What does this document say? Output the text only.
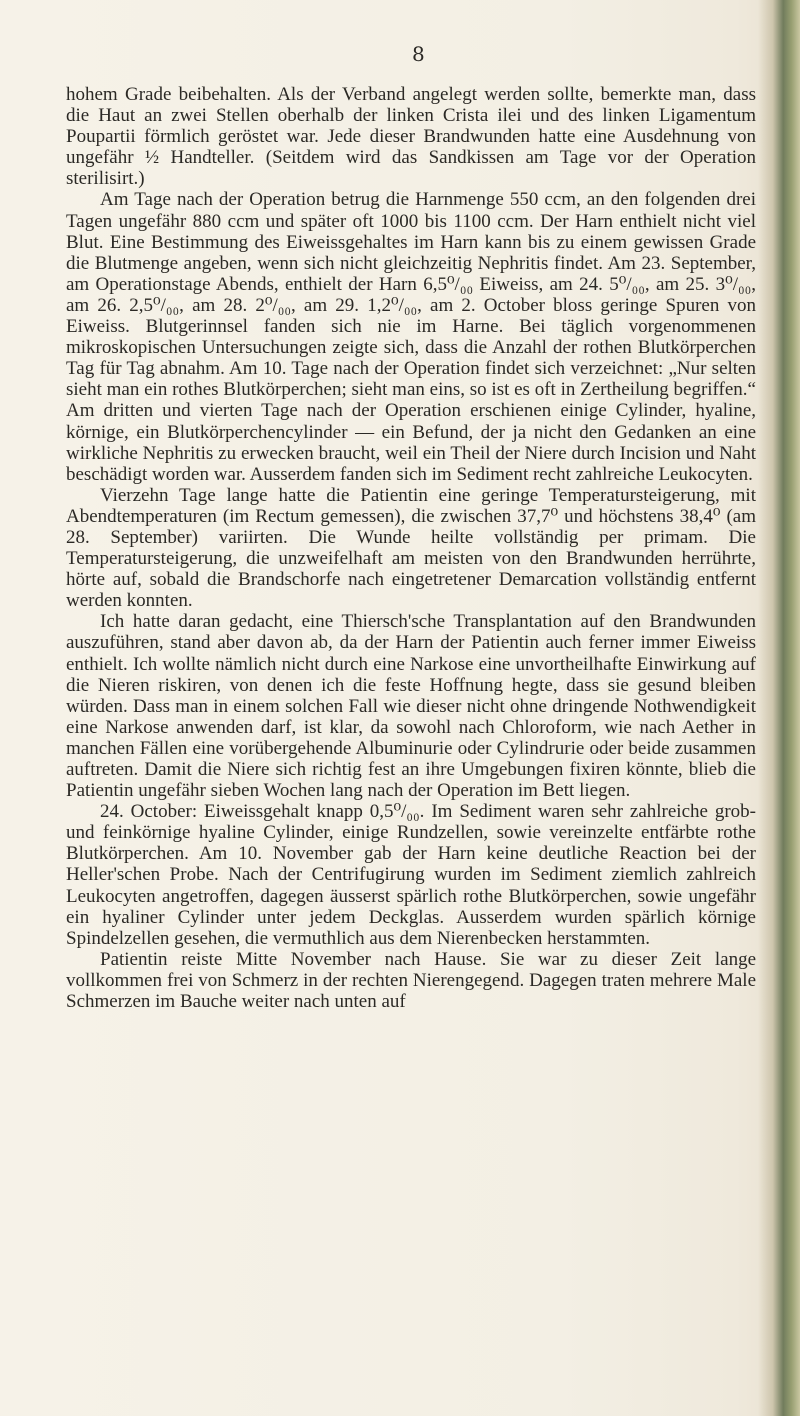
8

hohem Grade beibehalten. Als der Verband angelegt werden sollte, bemerkte man, dass die Haut an zwei Stellen oberhalb der linken Crista ilei und des linken Ligamentum Poupartii förmlich geröstet war. Jede dieser Brandwunden hatte eine Ausdehnung von ungefähr ½ Handteller. (Seitdem wird das Sandkissen am Tage vor der Operation sterilisirt.)

Am Tage nach der Operation betrug die Harnmenge 550 ccm, an den folgenden drei Tagen ungefähr 880 ccm und später oft 1000 bis 1100 ccm. Der Harn enthielt nicht viel Blut. Eine Bestimmung des Eiweissgehaltes im Harn kann bis zu einem gewissen Grade die Blutmenge angeben, wenn sich nicht gleichzeitig Nephritis findet. Am 23. September, am Operationstage Abends, enthielt der Harn 6,5⁰/₀₀ Eiweiss, am 24. 5⁰/₀₀, am 25. 3⁰/₀₀, am 26. 2,5⁰/₀₀, am 28. 2⁰/₀₀, am 29. 1,2⁰/₀₀, am 2. October bloss geringe Spuren von Eiweiss. Blutgerinnsel fanden sich nie im Harne. Bei täglich vorgenommenen mikroskopischen Untersuchungen zeigte sich, dass die Anzahl der rothen Blutkörperchen Tag für Tag abnahm. Am 10. Tage nach der Operation findet sich verzeichnet: „Nur selten sieht man ein rothes Blutkörperchen; sieht man eins, so ist es oft in Zertheilung begriffen.“ Am dritten und vierten Tage nach der Operation erschienen einige Cylinder, hyaline, körnige, ein Blutkörperchencylinder — ein Befund, der ja nicht den Gedanken an eine wirkliche Nephritis zu erwecken braucht, weil ein Theil der Niere durch Incision und Naht beschädigt worden war. Ausserdem fanden sich im Sediment recht zahlreiche Leukocyten.

Vierzehn Tage lange hatte die Patientin eine geringe Temperatursteigerung, mit Abendtemperaturen (im Rectum gemessen), die zwischen 37,7⁰ und höchstens 38,4⁰ (am 28. September) variirten. Die Wunde heilte vollständig per primam. Die Temperatursteigerung, die unzweifelhaft am meisten von den Brandwunden herrührte, hörte auf, sobald die Brandschorfe nach eingetretener Demarcation vollständig entfernt werden konnten.

Ich hatte daran gedacht, eine Thiersch'sche Transplantation auf den Brandwunden auszuführen, stand aber davon ab, da der Harn der Patientin auch ferner immer Eiweiss enthielt. Ich wollte nämlich nicht durch eine Narkose eine unvortheilhafte Einwirkung auf die Nieren riskiren, von denen ich die feste Hoffnung hegte, dass sie gesund bleiben würden. Dass man in einem solchen Fall wie dieser nicht ohne dringende Nothwendigkeit eine Narkose anwenden darf, ist klar, da sowohl nach Chloroform, wie nach Aether in manchen Fällen eine vorübergehende Albuminurie oder Cylindrurie oder beide zusammen auftreten. Damit die Niere sich richtig fest an ihre Umgebungen fixiren könnte, blieb die Patientin ungefähr sieben Wochen lang nach der Operation im Bett liegen.

24. October: Eiweissgehalt knapp 0,5⁰/₀₀. Im Sediment waren sehr zahlreiche grob- und feinkörnige hyaline Cylinder, einige Rundzellen, sowie vereinzelte entfärbte rothe Blutkörperchen. Am 10. November gab der Harn keine deutliche Reaction bei der Heller'schen Probe. Nach der Centrifugirung wurden im Sediment ziemlich zahlreich Leukocyten angetroffen, dagegen äusserst spärlich rothe Blutkörperchen, sowie ungefähr ein hyaliner Cylinder unter jedem Deckglas. Ausserdem wurden spärlich körnige Spindelzellen gesehen, die vermuthlich aus dem Nierenbecken herstammten.

Patientin reiste Mitte November nach Hause. Sie war zu dieser Zeit lange vollkommen frei von Schmerz in der rechten Nierengegend. Dagegen traten mehrere Male Schmerzen im Bauche weiter nach unten auf
